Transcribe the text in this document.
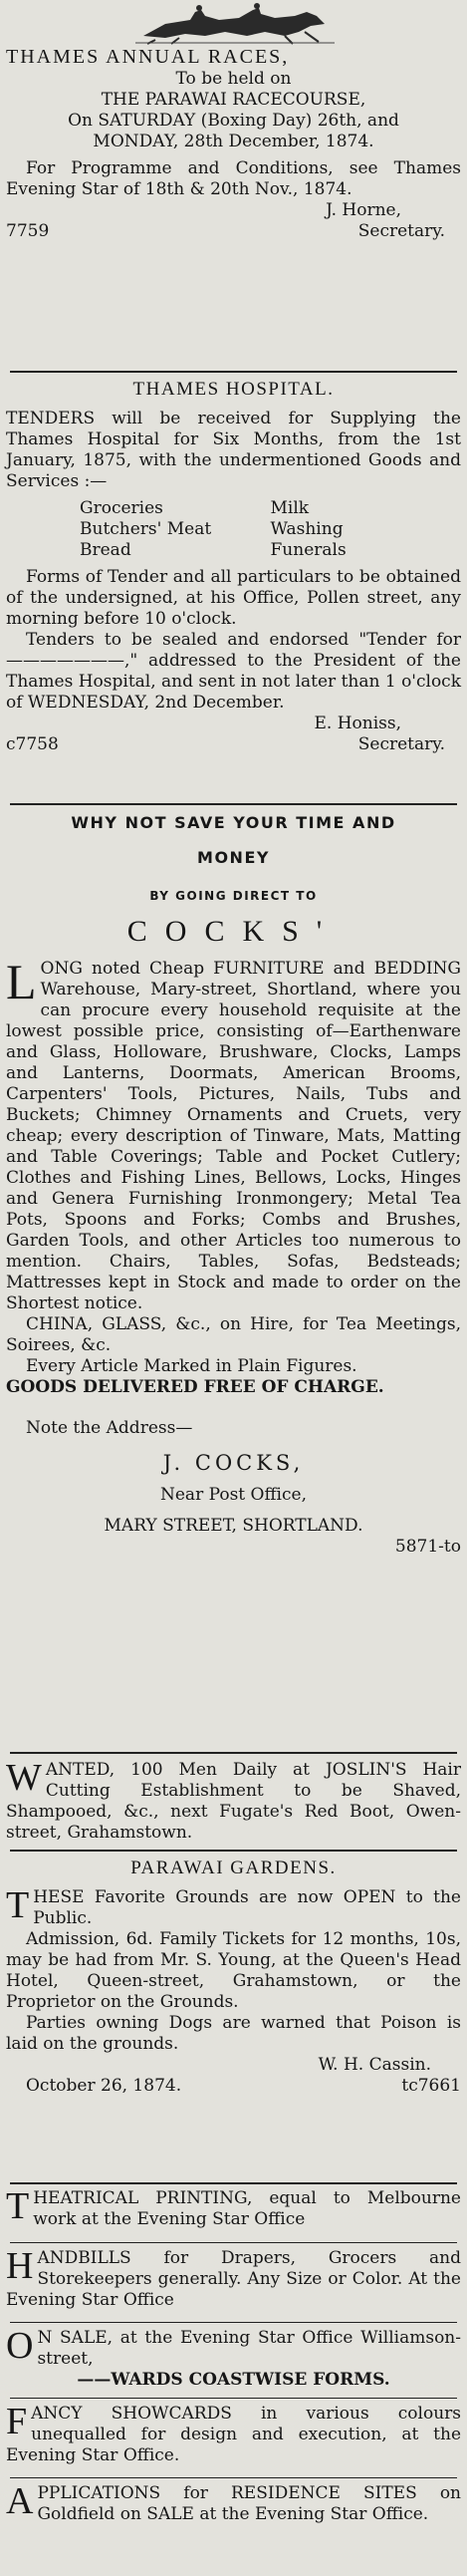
THAMES ANNUAL RACES,
To be held on
THE PARAWAI RACECOURSE,
On SATURDAY (Boxing Day) 26th, and
MONDAY, 28th December, 1874.
For Programme and Conditions, see Thames Evening Star of 18th & 20th Nov., 1874.
J. Horne,
7759	Secretary.
THAMES HOSPITAL.
TENDERS will be received for Supplying the Thames Hospital for Six Months, from the 1st January, 1875, with the undermentioned Goods and Services :—
Groceries	Milk
Butchers' Meat	Washing
Bread	Funerals
Forms of Tender and all particulars to be obtained of the undersigned, at his Office, Pollen street, any morning before 10 o'clock.
Tenders to be sealed and endorsed "Tender for———————," addressed to the President of the Thames Hospital, and sent in not later than 1 o'clock of WEDNESDAY, 2nd December.
E. Honiss,
c7758	Secretary.
WHY NOT SAVE YOUR TIME AND
MONEY
BY GOING DIRECT TO
COCKS'
LONG noted Cheap FURNITURE and BEDDING Warehouse, Mary-street, Shortland, where you can procure every household requisite at the lowest possible price, consisting of—Earthenware and Glass, Holloware, Brushware, Clocks, Lamps and Lanterns, Doormats, American Brooms, Carpenters' Tools, Pictures, Nails, Tubs and Buckets; Chimney Ornaments and Cruets, very cheap; every description of Tinware, Mats, Matting and Table Coverings; Table and Pocket Cutlery; Clothes and Fishing Lines, Bellows, Locks, Hinges and Genera Furnishing Ironmongery; Metal Tea Pots, Spoons and Forks; Combs and Brushes, Garden Tools, and other Articles too numerous to mention. Chairs, Tables, Sofas, Bedsteads; Mattresses kept in Stock and made to order on the Shortest notice.
CHINA, GLASS, &c., on Hire, for Tea Meetings, Soirees, &c.
Every Article Marked in Plain Figures.
GOODS DELIVERED FREE OF CHARGE.
Note the Address—
J. COCKS,
Near Post Office,
MARY STREET, SHORTLAND.
5871-to
WANTED, 100 Men Daily at JOSLIN'S Hair Cutting Establishment to be Shaved, Shampooed, &c., next Fugate's Red Boot, Owen-street, Grahamstown.
PARAWAI GARDENS.
THESE Favorite Grounds are now OPEN to the Public.
Admission, 6d. Family Tickets for 12 months, 10s, may be had from Mr. S. Young, at the Queen's Head Hotel, Queen-street, Grahamstown, or the Proprietor on the Grounds.
Parties owning Dogs are warned that Poison is laid on the grounds.
W. H. Cassin.
October 26, 1874.	tc7661
THEATRICAL PRINTING, equal to Melbourne work at the Evening Star Office
HANDBILLS for Drapers, Grocers and Storekeepers generally. Any Size or Color. At the Evening Star Office
O N SALE, at the Evening Star Office Williamson-street,
——WARDS COASTWISE FORMS.
FANCY SHOWCARDS in various colours unequalled for design and execution, at the Evening Star Office.
APPLICATIONS for RESIDENCE SITES on Goldfield on SALE at the Evening Star Office.
